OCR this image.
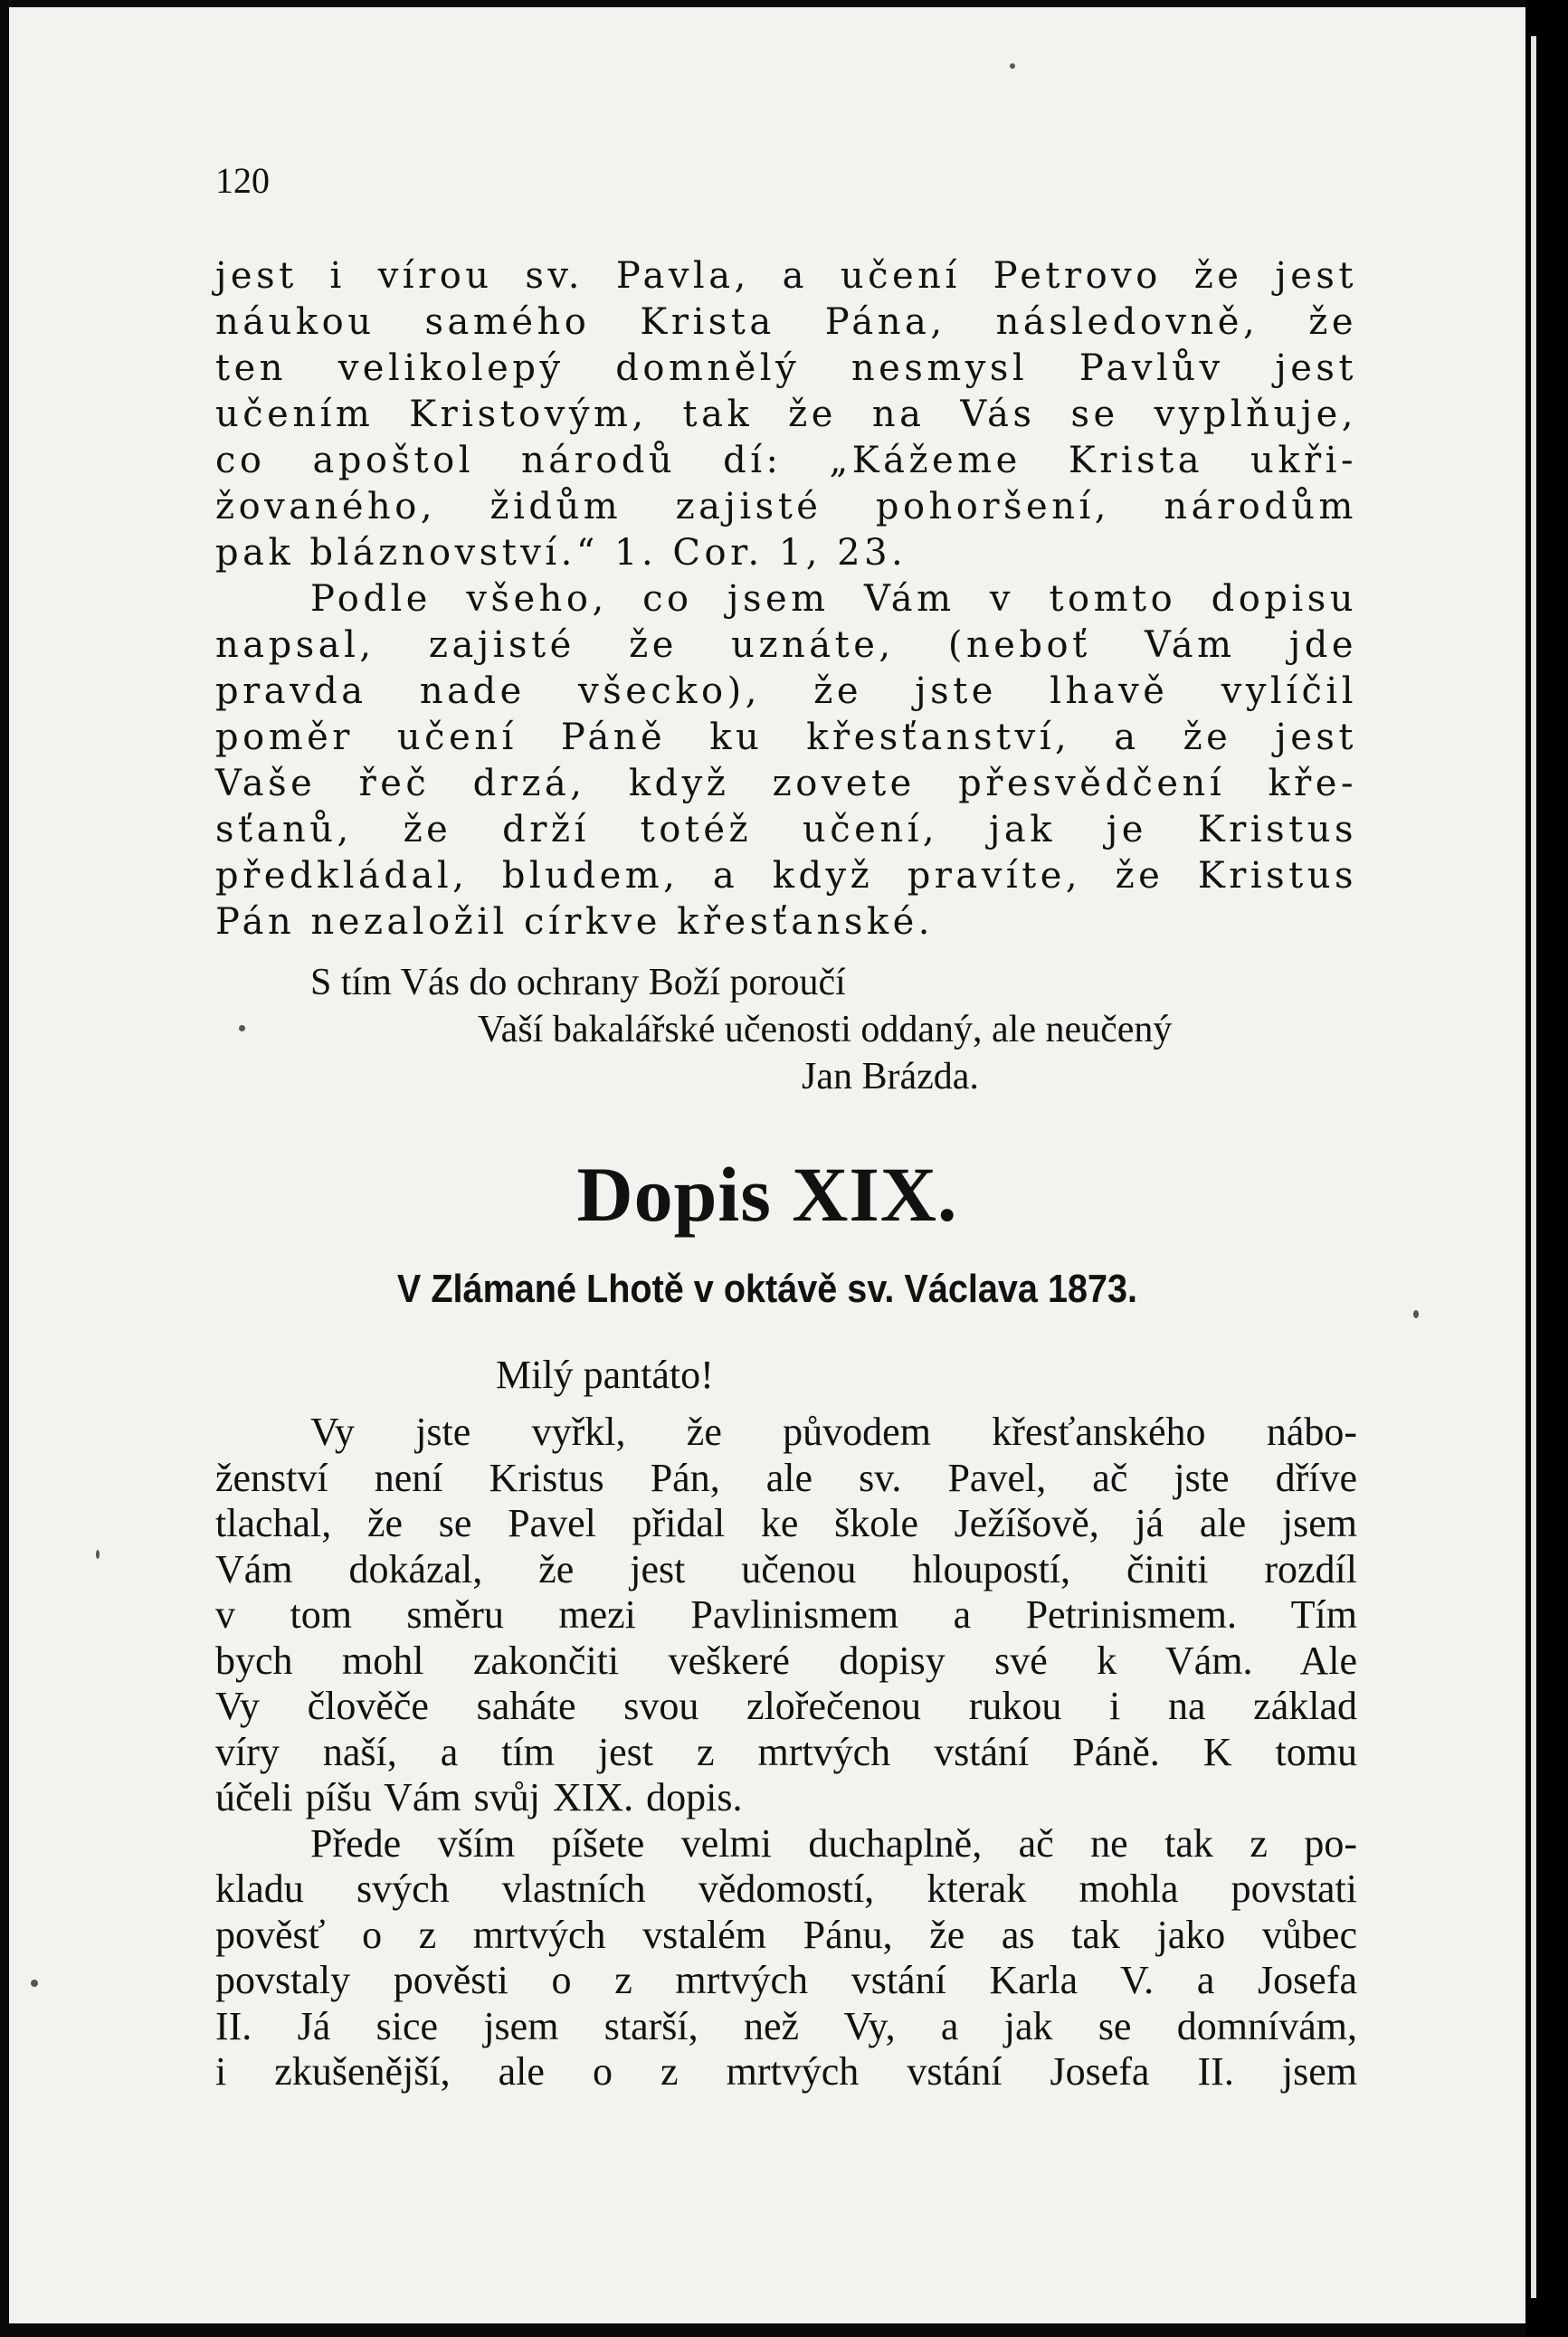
120

jest i vírou sv. Pavla, a učení Petrovo že jest

náukou samého Krista Pána, následovně, že

ten velikolepý domnělý nesmysl Pavlův jest

učením Kristovým, tak že na Vás se vyplňuje,

co apoštol národů dí: „Kážeme Krista ukři-

žovaného, židům zajisté pohoršení, národům

pak bláznovství.“ 1. Cor. 1, 23.

Podle všeho, co jsem Vám v tomto dopisu

napsal, zajisté že uznáte, (neboť Vám jde

pravda nade všecko), že jste lhavě vylíčil

poměr učení Páně ku křesťanství, a že jest

Vaše řeč drzá, když zovete přesvědčení kře-

sťanů, že drží totéž učení, jak je Kristus

předkládal, bludem, a když pravíte, že Kristus

Pán nezaložil církve křesťanské.

S tím Vás do ochrany Boží poroučí

Vaší bakalářské učenosti oddaný, ale neučený

Jan Brázda.

Dopis XIX.
V Zlámané Lhotě v oktávě sv. Václava 1873.

Milý pantáto!

Vy jste vyřkl, že původem křesťanského nábo-

ženství není Kristus Pán, ale sv. Pavel, ač jste dříve

tlachal, že se Pavel přidal ke škole Ježíšově, já ale jsem

Vám dokázal, že jest učenou hloupostí, činiti rozdíl

v tom směru mezi Pavlinismem a Petrinismem. Tím

bych mohl zakončiti veškeré dopisy své k Vám. Ale

Vy člověče saháte svou zlořečenou rukou i na základ

víry naší, a tím jest z mrtvých vstání Páně. K tomu

účeli píšu Vám svůj XIX. dopis.

Přede vším píšete velmi duchaplně, ač ne tak z po-

kladu svých vlastních vědomostí, kterak mohla povstati

pověsť o z mrtvých vstalém Pánu, že as tak jako vůbec

povstaly pověsti o z mrtvých vstání Karla V. a Josefa

II. Já sice jsem starší, než Vy, a jak se domnívám,

i zkušenější, ale o z mrtvých vstání Josefa II. jsem
